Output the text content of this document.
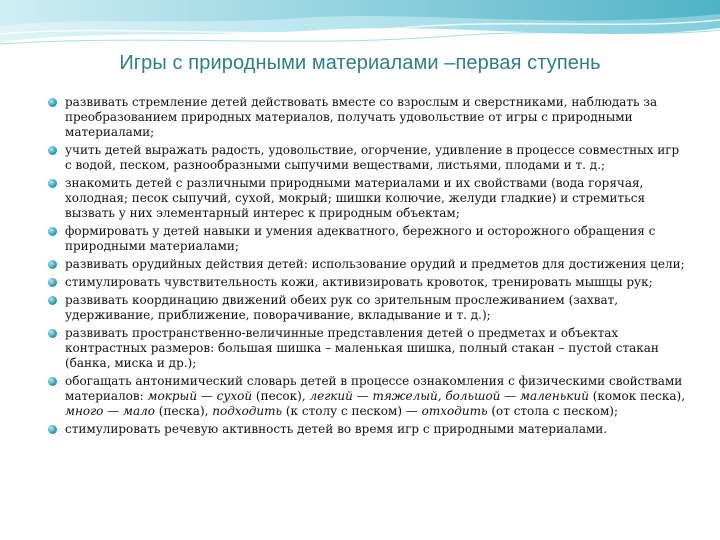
Игры с природными материалами –первая ступень
развивать стремление детей действовать вместе со взрослым и сверстниками, наблюдать за преобразованием природных материалов, получать удовольствие от игры с природными материалами;
учить детей выражать радость, удовольствие, огорчение, удивление в процессе совместных игр с водой, песком, разнообразными сыпучими веществами, листьями, плодами и т. д.;
знакомить детей с различными природными материалами и их свойствами (вода горячая, холодная; песок сыпучий, сухой, мокрый; шишки колючие, желуди гладкие) и стремиться вызвать у них элементарный интерес к природным объектам;
формировать у детей навыки и умения адекватного, бережного и осторожного обращения с природными материалами;
развивать орудийных действия детей: использование орудий и предметов для достижения цели;
стимулировать чувствительность кожи, активизировать кровоток, тренировать мышцы рук;
развивать координацию движений обеих рук со зрительным прослеживанием (захват, удерживание, приближение, поворачивание, вкладывание и т. д.);
развивать пространственно-величинные представления детей о предметах и объектах контрастных размеров: большая шишка – маленькая шишка, полный стакан – пустой стакан (банка, миска и др.);
обогащать антонимический словарь детей в процессе ознакомления с физическими свойствами материалов: мокрый — сухой (песок), легкий — тяжелый, большой — маленький (комок песка), много — мало (песка), подходить (к столу с песком) — отходить (от стола с песком);
стимулировать речевую активность детей во время игр с природными материалами.
